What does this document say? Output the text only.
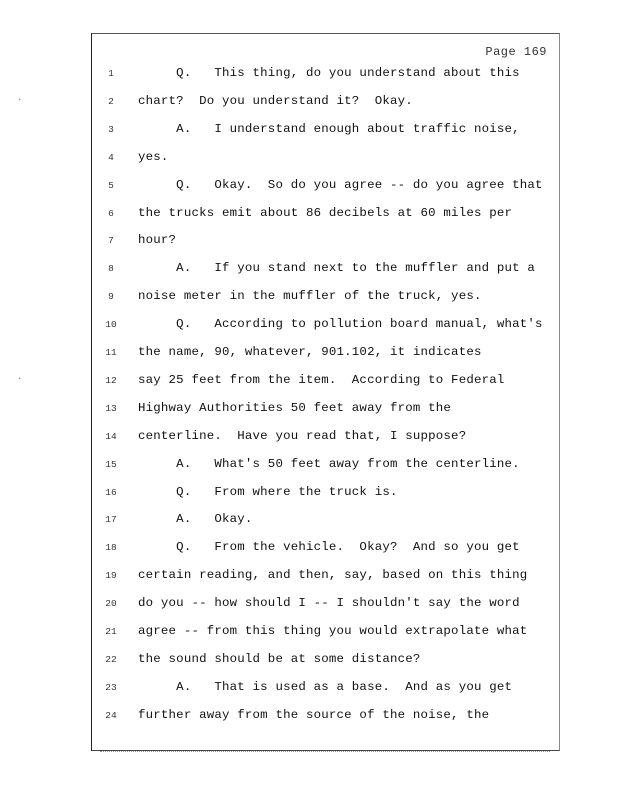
Page 169
1	Q.   This thing, do you understand about this
2	chart?  Do you understand it?  Okay.
3	A.   I understand enough about traffic noise,
4	yes.
5	Q.   Okay.  So do you agree -- do you agree that
6	the trucks emit about 86 decibels at 60 miles per
7	hour?
8	A.   If you stand next to the muffler and put a
9	noise meter in the muffler of the truck, yes.
10	Q.   According to pollution board manual, what's
11	the name, 90, whatever, 901.102, it indicates
12	say 25 feet from the item.  According to Federal
13	Highway Authorities 50 feet away from the
14	centerline.  Have you read that, I suppose?
15	A.   What's 50 feet away from the centerline.
16	Q.   From where the truck is.
17	A.   Okay.
18	Q.   From the vehicle.  Okay?  And so you get
19	certain reading, and then, say, based on this thing
20	do you -- how should I -- I shouldn't say the word
21	agree -- from this thing you would extrapolate what
22	the sound should be at some distance?
23	A.   That is used as a base.  And as you get
24	further away from the source of the noise, the
·
·
